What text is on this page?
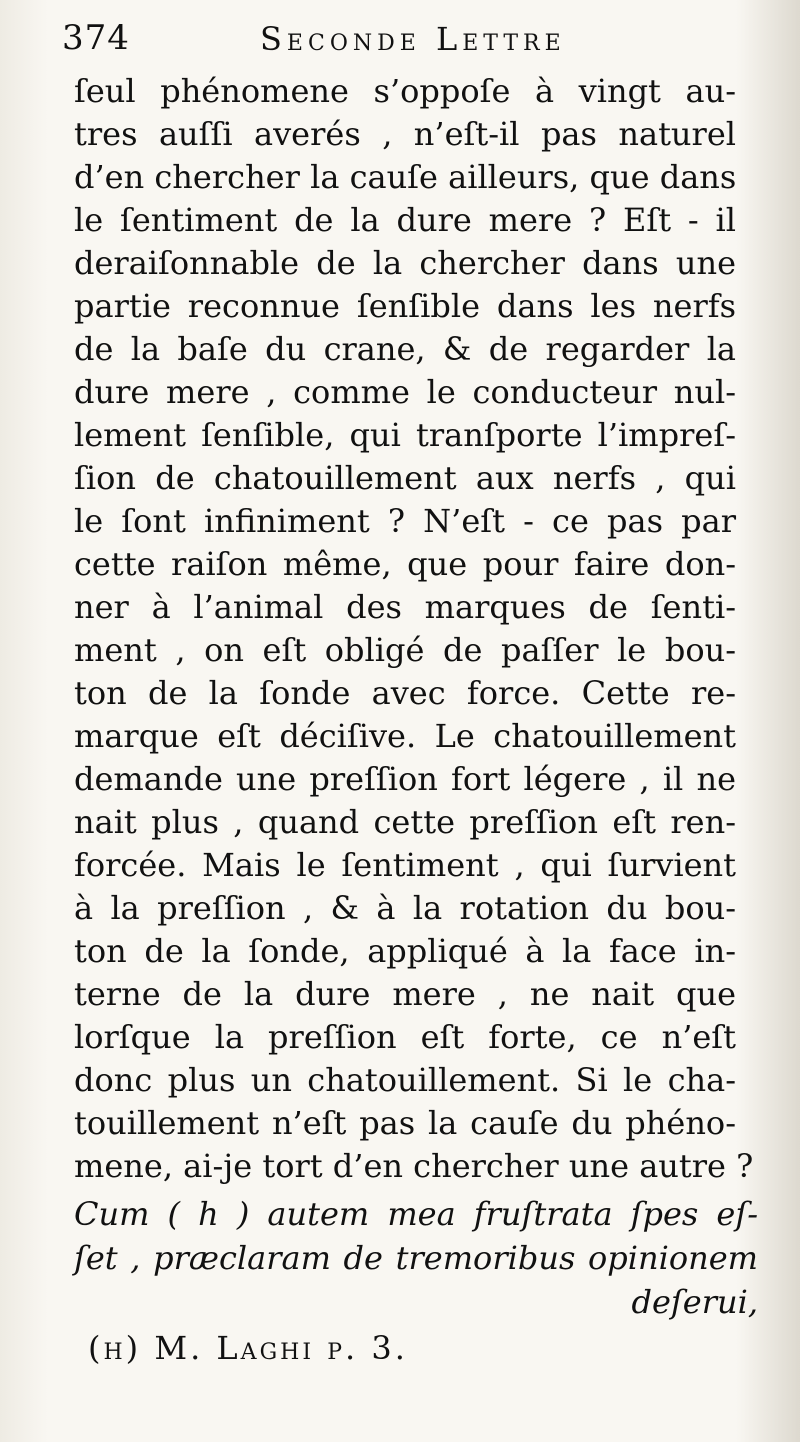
374	Seconde Lettre
ſeul phénomene s’oppoſe à vingt au-
tres auſſi averés , n’eſt-il pas naturel
d’en chercher la cauſe ailleurs, que dans
le ſentiment de la dure mere ? Eſt - il
deraiſonnable de la chercher dans une
partie reconnue ſenſible dans les nerfs
de la baſe du crane, & de regarder la
dure mere , comme le conducteur nul-
lement ſenſible, qui tranſporte l’impreſ-
ſion de chatouillement aux nerfs , qui
le ſont infiniment ? N’eſt - ce pas par
cette raiſon même, que pour faire don-
ner à l’animal des marques de ſenti-
ment , on eſt obligé de paſſer le bou-
ton de la ſonde avec force. Cette re-
marque eſt déciſive. Le chatouillement
demande une preſſion fort légere , il ne
nait plus , quand cette preſſion eſt ren-
forcée. Mais le ſentiment , qui ſurvient
à la preſſion , & à la rotation du bou-
ton de la ſonde, appliqué à la face in-
terne de la dure mere , ne nait que
lorſque la preſſion eſt forte, ce n’eſt
donc plus un chatouillement. Si le cha-
touillement n’eſt pas la cauſe du phéno-
mene, ai-je tort d’en chercher une autre ?
Cum ( h ) autem mea fruſtrata ſpes eſ-
ſet , præclaram de tremoribus opinionem
deſerui,
(h) M. Laghi p. 3.
